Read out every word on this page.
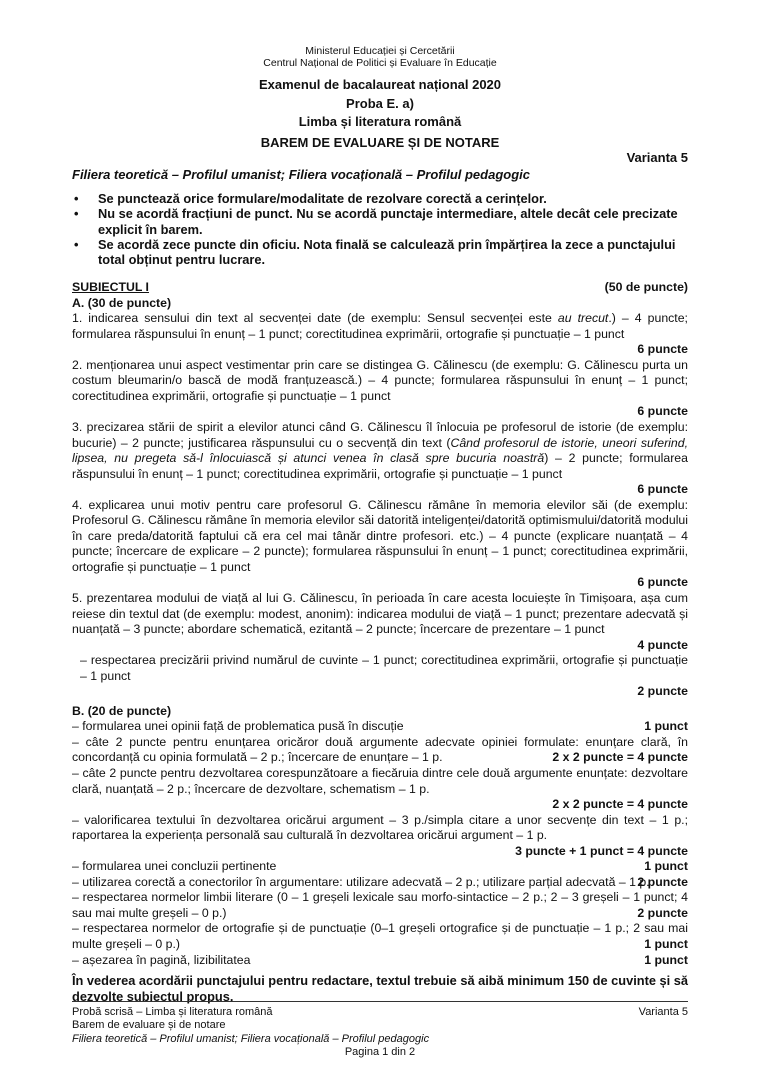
Ministerul Educației și Cercetării
Centrul Național de Politici și Evaluare în Educație
Examenul de bacalaureat național 2020
Proba E. a)
Limba și literatura română
BAREM DE EVALUARE ȘI DE NOTARE
Varianta 5
Filiera teoretică – Profilul umanist; Filiera vocațională – Profilul pedagogic
• Se punctează orice formulare/modalitate de rezolvare corectă a cerințelor.
• Nu se acordă fracțiuni de punct. Nu se acordă punctaje intermediare, altele decât cele precizate explicit în barem.
• Se acordă zece puncte din oficiu. Nota finală se calculează prin împărțirea la zece a punctajului total obținut pentru lucrare.
SUBIECTUL I	(50 de puncte)
A. (30 de puncte)
1. indicarea sensului din text al secvenței date (de exemplu: Sensul secvenței este au trecut.) – 4 puncte; formularea răspunsului în enunț – 1 punct; corectitudinea exprimării, ortografie și punctuație – 1 punct
6 puncte
2. menționarea unui aspect vestimentar prin care se distingea G. Călinescu (de exemplu: G. Călinescu purta un costum bleumarin/o bască de modă franțuzească.) – 4 puncte; formularea răspunsului în enunț – 1 punct; corectitudinea exprimării, ortografie și punctuație – 1 punct
6 puncte
3. precizarea stării de spirit a elevilor atunci când G. Călinescu îl înlocuia pe profesorul de istorie (de exemplu: bucurie) – 2 puncte; justificarea răspunsului cu o secvență din text (Când profesorul de istorie, uneori suferind, lipsea, nu pregeta să-l înlocuiască și atunci venea în clasă spre bucuria noastră) – 2 puncte; formularea răspunsului în enunț – 1 punct; corectitudinea exprimării, ortografie și punctuație – 1 punct
6 puncte
4. explicarea unui motiv pentru care profesorul G. Călinescu rămâne în memoria elevilor săi (de exemplu: Profesorul G. Călinescu rămâne în memoria elevilor săi datorită inteligenței/datorită optimismului/datorită modului în care preda/datorită faptului că era cel mai tânăr dintre profesori. etc.) – 4 puncte (explicare nuanțată – 4 puncte; încercare de explicare – 2 puncte); formularea răspunsului în enunț – 1 punct; corectitudinea exprimării, ortografie și punctuație – 1 punct
6 puncte
5. prezentarea modului de viață al lui G. Călinescu, în perioada în care acesta locuiește în Timișoara, așa cum reiese din textul dat (de exemplu: modest, anonim): indicarea modului de viață – 1 punct; prezentare adecvată și nuanțată – 3 puncte; abordare schematică, ezitantă – 2 puncte; încercare de prezentare – 1 punct
4 puncte
– respectarea precizării privind numărul de cuvinte – 1 punct; corectitudinea exprimării, ortografie și punctuație – 1 punct
2 puncte
B. (20 de puncte)
– formularea unei opinii față de problematica pusă în discuție	1 punct
– câte 2 puncte pentru enunțarea oricăror două argumente adecvate opiniei formulate: enunțare clară, în concordanță cu opinia formulată – 2 p.; încercare de enunțare – 1 p.	2 x 2 puncte = 4 puncte
– câte 2 puncte pentru dezvoltarea corespunzătoare a fiecăruia dintre cele două argumente enunțate: dezvoltare clară, nuanțată – 2 p.; încercare de dezvoltare, schematism – 1 p.
2 x 2 puncte = 4 puncte
– valorificarea textului în dezvoltarea oricărui argument – 3 p./simpla citare a unor secvențe din text – 1 p.; raportarea la experiența personală sau culturală în dezvoltarea oricărui argument – 1 p.
3 puncte + 1 punct = 4 puncte
– formularea unei concluzii pertinente	1 punct
– utilizarea corectă a conectorilor în argumentare: utilizare adecvată – 2 p.; utilizare parțial adecvată – 1 p.
2 puncte
– respectarea normelor limbii literare (0 – 1 greșeli lexicale sau morfo-sintactice – 2 p.; 2 – 3 greșeli – 1 punct; 4 sau mai multe greșeli – 0 p.)	2 puncte
– respectarea normelor de ortografie și de punctuație (0–1 greșeli ortografice și de punctuație – 1 p.; 2 sau mai multe greșeli – 0 p.)	1 punct
– așezarea în pagină, lizibilitatea	1 punct
În vederea acordării punctajului pentru redactare, textul trebuie să aibă minimum 150 de cuvinte și să dezvolte subiectul propus.
Probă scrisă – Limba și literatura română	Varianta 5
Barem de evaluare și de notare
Filiera teoretică – Profilul umanist; Filiera vocațională – Profilul pedagogic
Pagina 1 din 2
